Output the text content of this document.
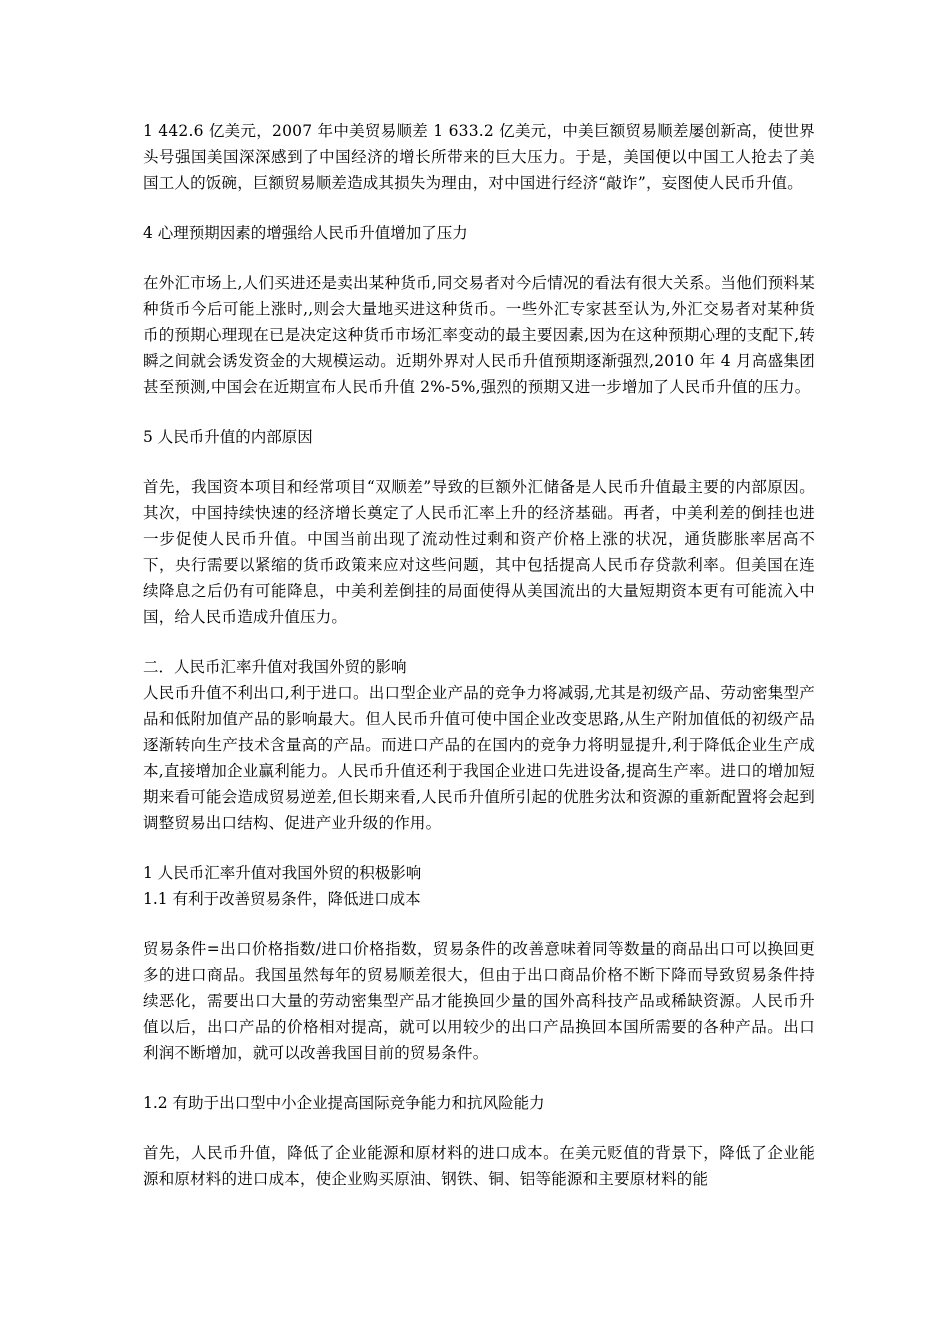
1 442.6 亿美元，2007 年中美贸易顺差 1 633.2 亿美元，中美巨额贸易顺差屡创新高，使世界头号强国美国深深感到了中国经济的增长所带来的巨大压力。于是，美国便以中国工人抢去了美国工人的饭碗，巨额贸易顺差造成其损失为理由，对中国进行经济“敲诈”，妄图使人民币升值。

4 心理预期因素的增强给人民币升值增加了压力

在外汇市场上,人们买进还是卖出某种货币,同交易者对今后情况的看法有很大关系。当他们预料某种货币今后可能上涨时,,则会大量地买进这种货币。一些外汇专家甚至认为,外汇交易者对某种货币的预期心理现在已是决定这种货币市场汇率变动的最主要因素,因为在这种预期心理的支配下,转瞬之间就会诱发资金的大规模运动。近期外界对人民币升值预期逐渐强烈,2010 年 4 月高盛集团甚至预测,中国会在近期宣布人民币升值 2%-5%,强烈的预期又进一步增加了人民币升值的压力。

5 人民币升值的内部原因

首先，我国资本项目和经常项目“双顺差”导致的巨额外汇储备是人民币升值最主要的内部原因。其次，中国持续快速的经济增长奠定了人民币汇率上升的经济基础。再者，中美利差的倒挂也进一步促使人民币升值。中国当前出现了流动性过剩和资产价格上涨的状况，通货膨胀率居高不下，央行需要以紧缩的货币政策来应对这些问题，其中包括提高人民币存贷款利率。但美国在连续降息之后仍有可能降息，中美利差倒挂的局面使得从美国流出的大量短期资本更有可能流入中国，给人民币造成升值压力。

二．人民币汇率升值对我国外贸的影响

人民币升值不利出口,利于进口。出口型企业产品的竞争力将减弱,尤其是初级产品、劳动密集型产品和低附加值产品的影响最大。但人民币升值可使中国企业改变思路,从生产附加值低的初级产品逐渐转向生产技术含量高的产品。而进口产品的在国内的竞争力将明显提升,利于降低企业生产成本,直接增加企业赢利能力。人民币升值还利于我国企业进口先进设备,提高生产率。进口的增加短期来看可能会造成贸易逆差,但长期来看,人民币升值所引起的优胜劣汰和资源的重新配置将会起到调整贸易出口结构、促进产业升级的作用。

1 人民币汇率升值对我国外贸的积极影响

1.1 有利于改善贸易条件，降低进口成本

贸易条件=出口价格指数/进口价格指数，贸易条件的改善意味着同等数量的商品出口可以换回更多的进口商品。我国虽然每年的贸易顺差很大，但由于出口商品价格不断下降而导致贸易条件持续恶化，需要出口大量的劳动密集型产品才能换回少量的国外高科技产品或稀缺资源。人民币升值以后，出口产品的价格相对提高，就可以用较少的出口产品换回本国所需要的各种产品。出口利润不断增加，就可以改善我国目前的贸易条件。

1.2 有助于出口型中小企业提高国际竞争能力和抗风险能力

首先，人民币升值，降低了企业能源和原材料的进口成本。在美元贬值的背景下，降低了企业能源和原材料的进口成本，使企业购买原油、钢铁、铜、铝等能源和主要原材料的能
